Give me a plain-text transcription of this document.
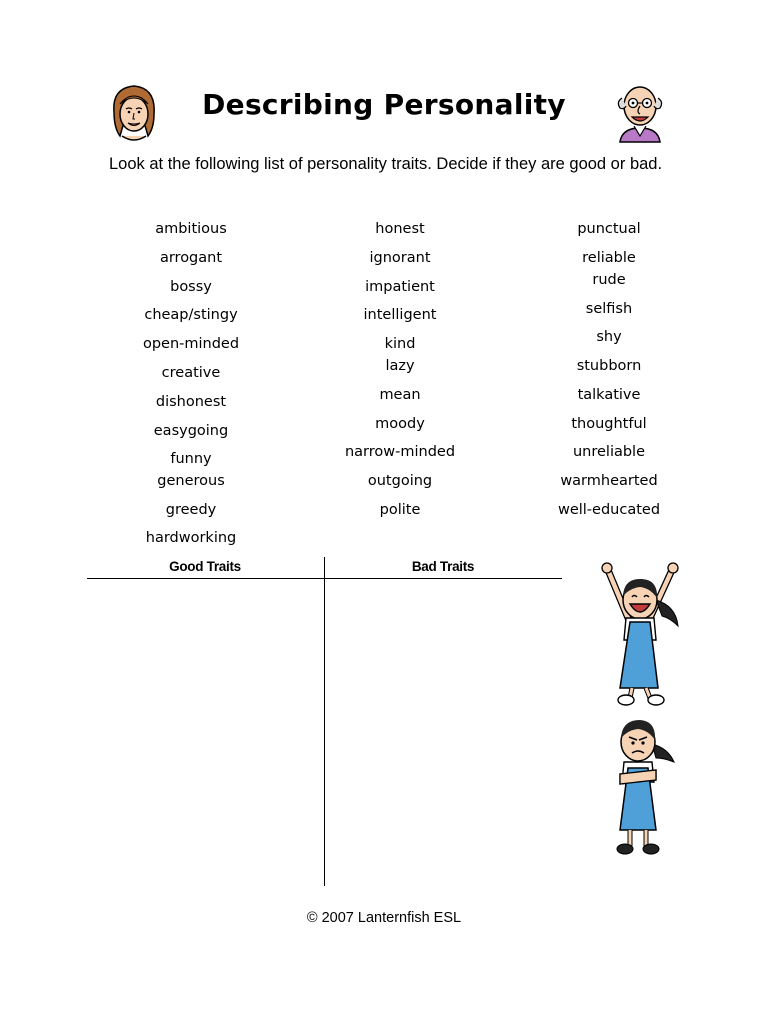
Describing Personality

Look at the following list of personality traits. Decide if they are good or bad.

ambitious
arrogant
bossy
cheap/stingy
open-minded
creative
dishonest
easygoing
funny
generous
greedy
hardworking
honest
ignorant
impatient
intelligent
kind
lazy
mean
moody
narrow-minded
outgoing
polite
punctual
reliable
rude
selfish
shy
stubborn
talkative
thoughtful
unreliable
warmhearted
well-educated
Good Traits	Bad Traits
© 2007 Lanternfish ESL
